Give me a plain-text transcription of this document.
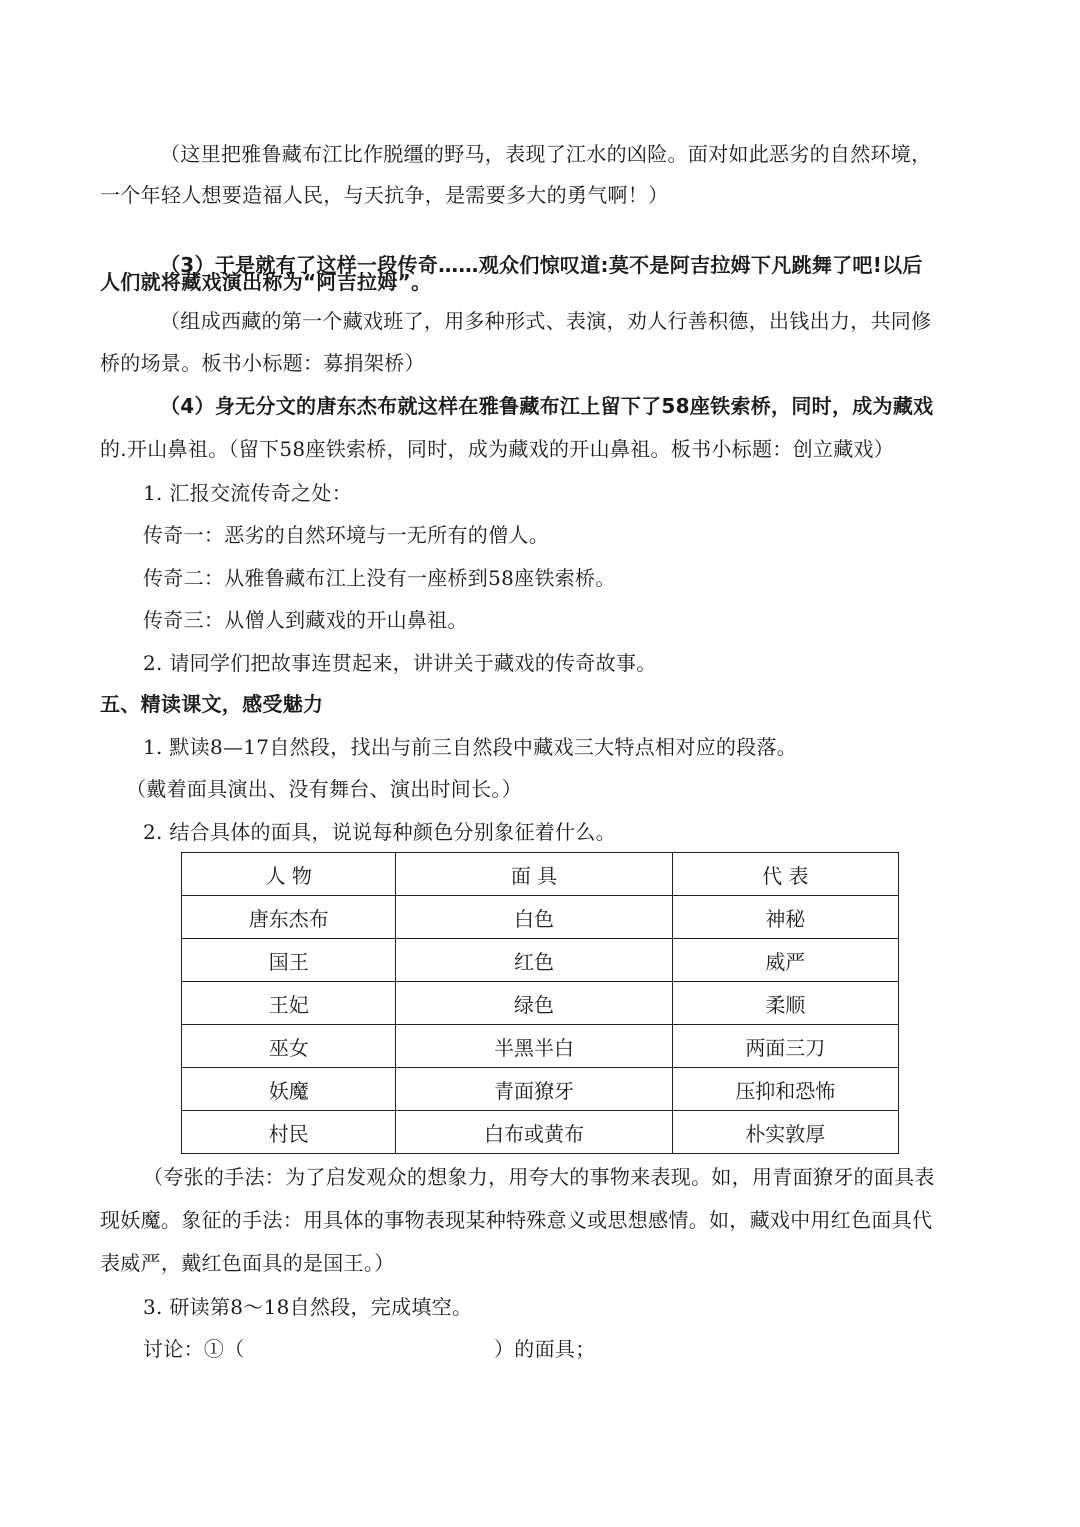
（这里把雅鲁藏布江比作脱缰的野马，表现了江水的凶险。面对如此恶劣的自然环境，
一个年轻人想要造福人民，与天抗争，是需要多大的勇气啊！）
（3）于是就有了这样一段传奇……观众们惊叹道:莫不是阿吉拉姆下凡跳舞了吧!以后
人们就将藏戏演出称为“阿吉拉姆”。
（组成西藏的第一个藏戏班了，用多种形式、表演，劝人行善积德，出钱出力，共同修
桥的场景。板书小标题：募捐架桥）
（4）身无分文的唐东杰布就这样在雅鲁藏布江上留下了58座铁索桥，同时，成为藏戏
的.开山鼻祖。（留下58座铁索桥，同时，成为藏戏的开山鼻祖。板书小标题：创立藏戏）
1. 汇报交流传奇之处：
传奇一：恶劣的自然环境与一无所有的僧人。
传奇二：从雅鲁藏布江上没有一座桥到58座铁索桥。
传奇三：从僧人到藏戏的开山鼻祖。
2. 请同学们把故事连贯起来，讲讲关于藏戏的传奇故事。
五、精读课文，感受魅力
1. 默读8—17自然段，找出与前三自然段中藏戏三大特点相对应的段落。
（戴着面具演出、没有舞台、演出时间长。）
2. 结合具体的面具，说说每种颜色分别象征着什么。
人 物	面 具	代 表
唐东杰布	白色	神秘
国王	红色	威严
王妃	绿色	柔顺
巫女	半黑半白	两面三刀
妖魔	青面獠牙	压抑和恐怖
村民	白布或黄布	朴实敦厚
（夸张的手法：为了启发观众的想象力，用夸大的事物来表现。如，用青面獠牙的面具表
现妖魔。象征的手法：用具体的事物表现某种特殊意义或思想感情。如，藏戏中用红色面具代
表威严，戴红色面具的是国王。）
3. 研读第8～18自然段，完成填空。
讨论：①（	）的面具；
